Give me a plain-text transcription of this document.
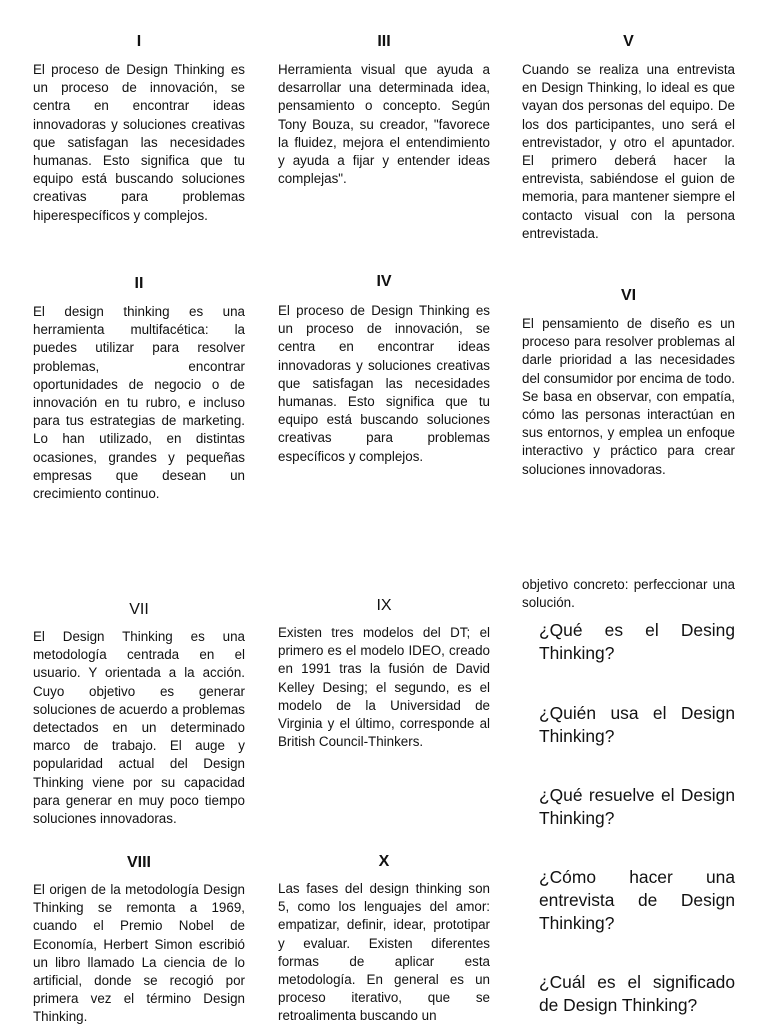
I

El proceso de Design Thinking es un proceso de innovación, se centra en encontrar ideas innovadoras y soluciones creativas que satisfagan las necesidades humanas. Esto significa que tu equipo está buscando soluciones creativas para problemas hiperespecíficos y complejos.

II

El design thinking es una herramienta multifacética: la puedes utilizar para resolver problemas, encontrar oportunidades de negocio o de innovación en tu rubro, e incluso para tus estrategias de marketing. Lo han utilizado, en distintas ocasiones, grandes y pequeñas empresas que desean un crecimiento continuo.

VII

El Design Thinking es una metodología centrada en el usuario. Y orientada a la acción. Cuyo objetivo es generar soluciones de acuerdo a problemas detectados en un determinado marco de trabajo. El auge y popularidad actual del Design Thinking viene por su capacidad para generar en muy poco tiempo soluciones innovadoras.

VIII

El origen de la metodología Design Thinking se remonta a 1969, cuando el Premio Nobel de Economía, Herbert Simon escribió un libro llamado La ciencia de lo artificial, donde se recogió por primera vez el término Design Thinking.

III

Herramienta visual que ayuda a desarrollar una determinada idea, pensamiento o concepto. Según Tony Bouza, su creador, "favorece la fluidez, mejora el entendimiento y ayuda a fijar y entender ideas complejas".

IV

El proceso de Design Thinking es un proceso de innovación, se centra en encontrar ideas innovadoras y soluciones creativas que satisfagan las necesidades humanas. Esto significa que tu equipo está buscando soluciones creativas para problemas específicos y complejos.

IX

Existen tres modelos del DT; el primero es el modelo IDEO, creado en 1991 tras la fusión de David Kelley Desing; el segundo, es el modelo de la Universidad de Virginia y el último, corresponde al British Council-Thinkers.

X

Las fases del design thinking son 5, como los lenguajes del amor: empatizar, definir, idear, prototipar y evaluar. Existen diferentes formas de aplicar esta metodología. En general es un proceso iterativo, que se retroalimenta buscando un

V

Cuando se realiza una entrevista en Design Thinking, lo ideal es que vayan dos personas del equipo. De los dos participantes, uno será el entrevistador, y otro el apuntador. El primero deberá hacer la entrevista, sabiéndose el guion de memoria, para mantener siempre el contacto visual con la persona entrevistada.

VI

El pensamiento de diseño es un proceso para resolver problemas al darle prioridad a las necesidades del consumidor por encima de todo. Se basa en observar, con empatía, cómo las personas interactúan en sus entornos, y emplea un enfoque interactivo y práctico para crear soluciones innovadoras.

objetivo concreto: perfeccionar una solución.

¿Qué es el Desing Thinking?

¿Quién usa el Design Thinking?

¿Qué resuelve el Design Thinking?

¿Cómo hacer una entrevista de Design Thinking?

¿Cuál es el significado de Design Thinking?
